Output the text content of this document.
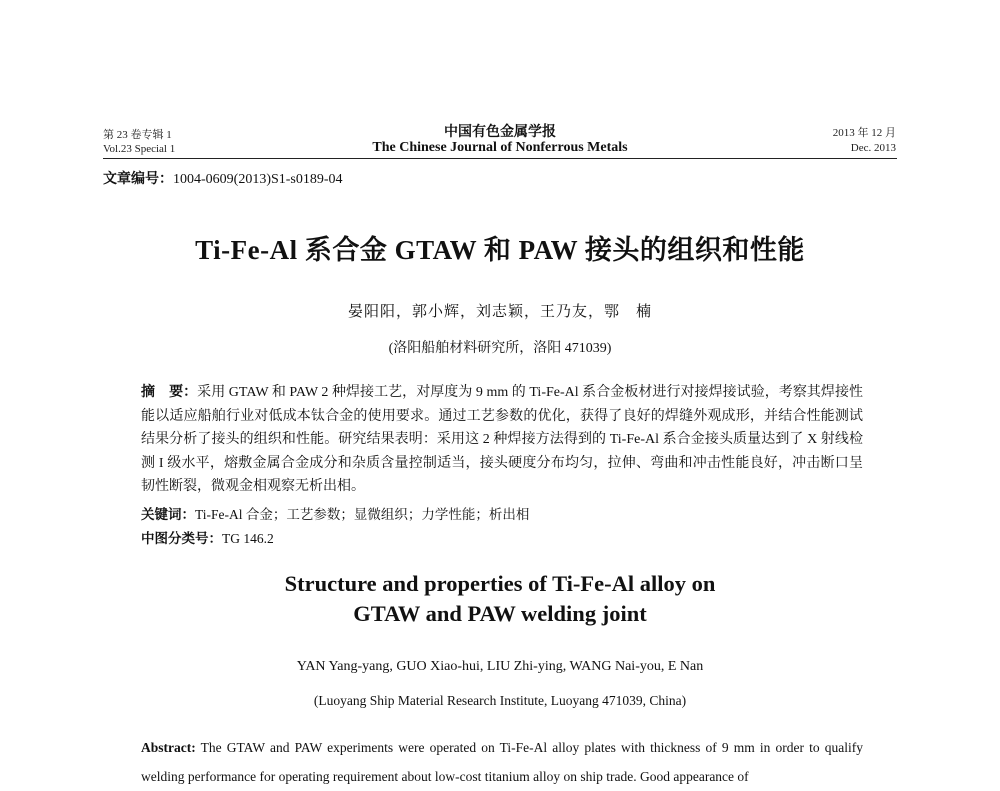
第 23 卷专辑 1
Vol.23 Special 1
中国有色金属学报
The Chinese Journal of Nonferrous Metals
2013 年 12 月
Dec. 2013
文章编号：1004-0609(2013)S1-s0189-04
Ti-Fe-Al 系合金 GTAW 和 PAW 接头的组织和性能
晏阳阳，郭小辉，刘志颖，王乃友，鄂　楠
(洛阳船舶材料研究所，洛阳 471039)
摘　要：采用 GTAW 和 PAW 2 种焊接工艺，对厚度为 9 mm 的 Ti-Fe-Al 系合金板材进行对接焊接试验，考察其焊接性能以适应船舶行业对低成本钛合金的使用要求。通过工艺参数的优化，获得了良好的焊缝外观成形，并结合性能测试结果分析了接头的组织和性能。研究结果表明：采用这 2 种焊接方法得到的 Ti-Fe-Al 系合金接头质量达到了 X 射线检测 I 级水平，熔敷金属合金成分和杂质含量控制适当，接头硬度分布均匀，拉伸、弯曲和冲击性能良好，冲击断口呈韧性断裂，微观金相观察无析出相。
关键词：Ti-Fe-Al 合金；工艺参数；显微组织；力学性能；析出相
中图分类号：TG 146.2
Structure and properties of Ti-Fe-Al alloy on
GTAW and PAW welding joint
YAN Yang-yang, GUO Xiao-hui, LIU Zhi-ying, WANG Nai-you, E Nan
(Luoyang Ship Material Research Institute, Luoyang 471039, China)
Abstract: The GTAW and PAW experiments were operated on Ti-Fe-Al alloy plates with thickness of 9 mm in order to qualify welding performance for operating requirement about low-cost titanium alloy on ship trade. Good appearance of
